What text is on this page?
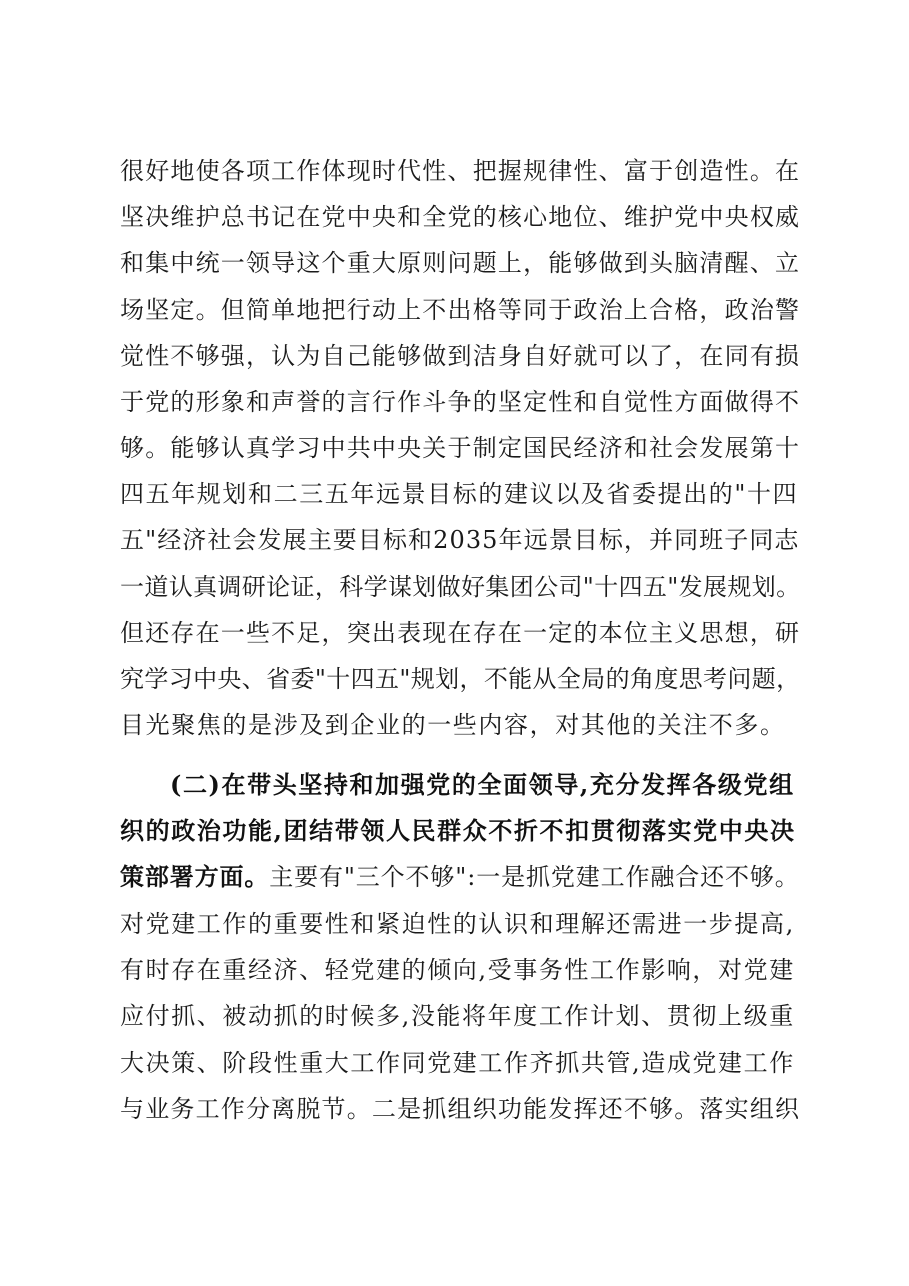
很好地使各项工作体现时代性、把握规律性、富于创造性。在
坚决维护总书记在党中央和全党的核心地位、维护党中央权威
和集中统一领导这个重大原则问题上，能够做到头脑清醒、立
场坚定。但简单地把行动上不出格等同于政治上合格，政治警
觉性不够强，认为自己能够做到洁身自好就可以了，在同有损
于党的形象和声誉的言行作斗争的坚定性和自觉性方面做得不
够。能够认真学习中共中央关于制定国民经济和社会发展第十
四五年规划和二三五年远景目标的建议以及省委提出的"十四
五"经济社会发展主要目标和2035年远景目标，并同班子同志
一道认真调研论证，科学谋划做好集团公司"十四五"发展规划。
但还存在一些不足，突出表现在存在一定的本位主义思想，研
究学习中央、省委"十四五"规划，不能从全局的角度思考问题，
目光聚焦的是涉及到企业的一些内容，对其他的关注不多。
(二)在带头坚持和加强党的全面领导,充分发挥各级党组
织的政治功能,团结带领人民群众不折不扣贯彻落实党中央决
策部署方面。主要有"三个不够":一是抓党建工作融合还不够。
对党建工作的重要性和紧迫性的认识和理解还需进一步提高,
有时存在重经济、轻党建的倾向,受事务性工作影响，对党建
应付抓、被动抓的时候多,没能将年度工作计划、贯彻上级重
大决策、阶段性重大工作同党建工作齐抓共管,造成党建工作
与业务工作分离脱节。二是抓组织功能发挥还不够。落实组织
